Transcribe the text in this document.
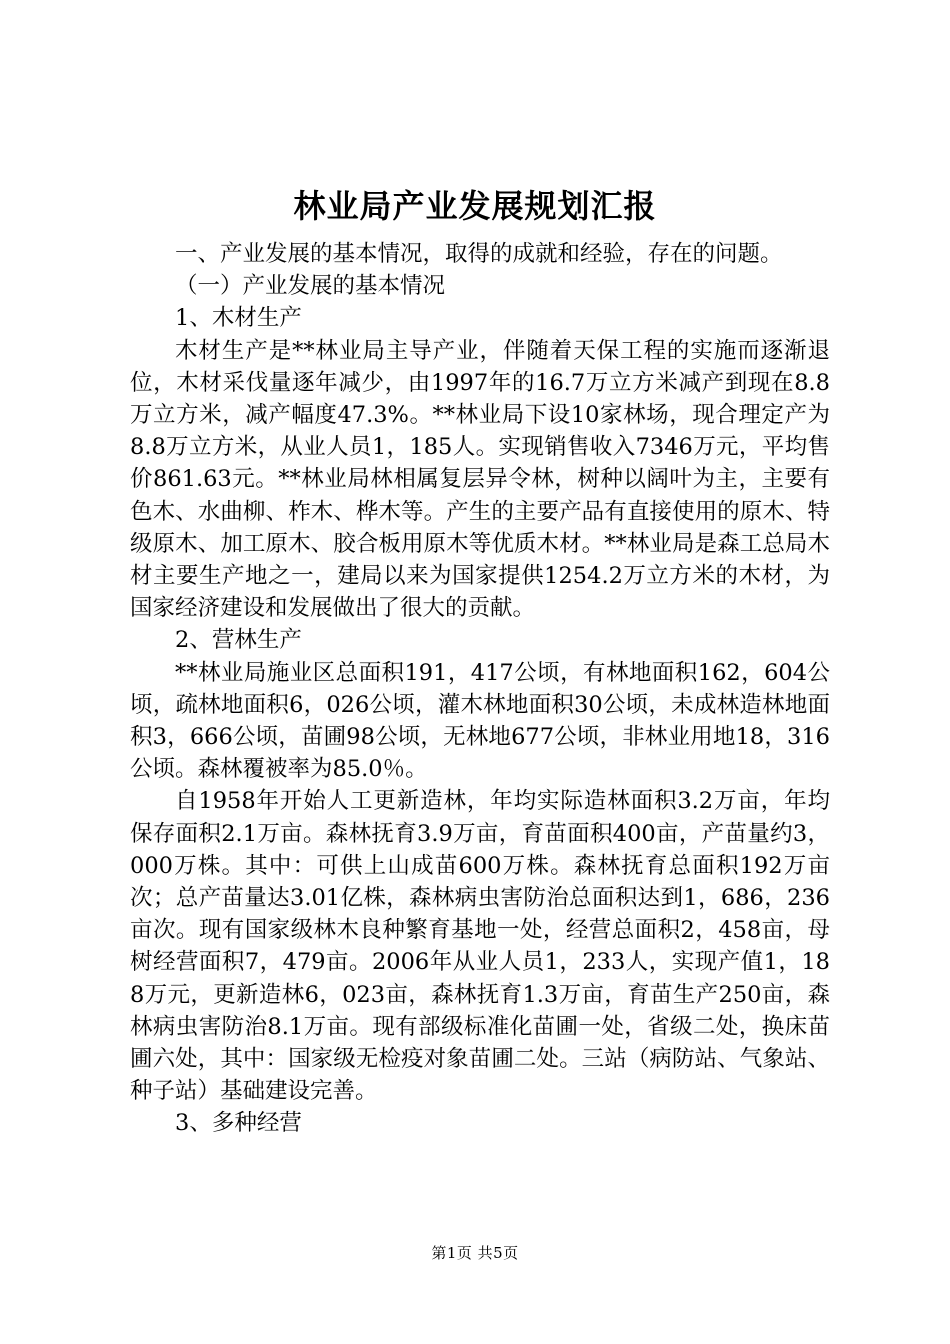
林业局产业发展规划汇报

一、产业发展的基本情况，取得的成就和经验，存在的问题。

（一）产业发展的基本情况

1、木材生产

木材生产是**林业局主导产业，伴随着天保工程的实施而逐渐退位，木材采伐量逐年减少，由1997年的16.7万立方米减产到现在8.8万立方米，减产幅度47.3%。**林业局下设10家林场，现合理定产为8.8万立方米，从业人员1，185人。实现销售收入7346万元，平均售价861.63元。**林业局林相属复层异令林，树种以阔叶为主，主要有色木、水曲柳、柞木、桦木等。产生的主要产品有直接使用的原木、特级原木、加工原木、胶合板用原木等优质木材。**林业局是森工总局木材主要生产地之一，建局以来为国家提供1254.2万立方米的木材，为国家经济建设和发展做出了很大的贡献。

2、营林生产

**林业局施业区总面积191，417公顷，有林地面积162，604公顷，疏林地面积6，026公顷，灌木林地面积30公顷，未成林造林地面积3，666公顷，苗圃98公顷，无林地677公顷，非林业用地18，316公顷。森林覆被率为85.0％。

自1958年开始人工更新造林，年均实际造林面积3.2万亩，年均保存面积2.1万亩。森林抚育3.9万亩，育苗面积400亩，产苗量约3，000万株。其中：可供上山成苗600万株。森林抚育总面积192万亩次；总产苗量达3.01亿株，森林病虫害防治总面积达到1，686，236亩次。现有国家级林木良种繁育基地一处，经营总面积2，458亩，母树经营面积7，479亩。2006年从业人员1，233人，实现产值1，188万元，更新造林6，023亩，森林抚育1.3万亩，育苗生产250亩，森林病虫害防治8.1万亩。现有部级标准化苗圃一处，省级二处，换床苗圃六处，其中：国家级无检疫对象苗圃二处。三站（病防站、气象站、种子站）基础建设完善。

3、多种经营

第1页 共5页
